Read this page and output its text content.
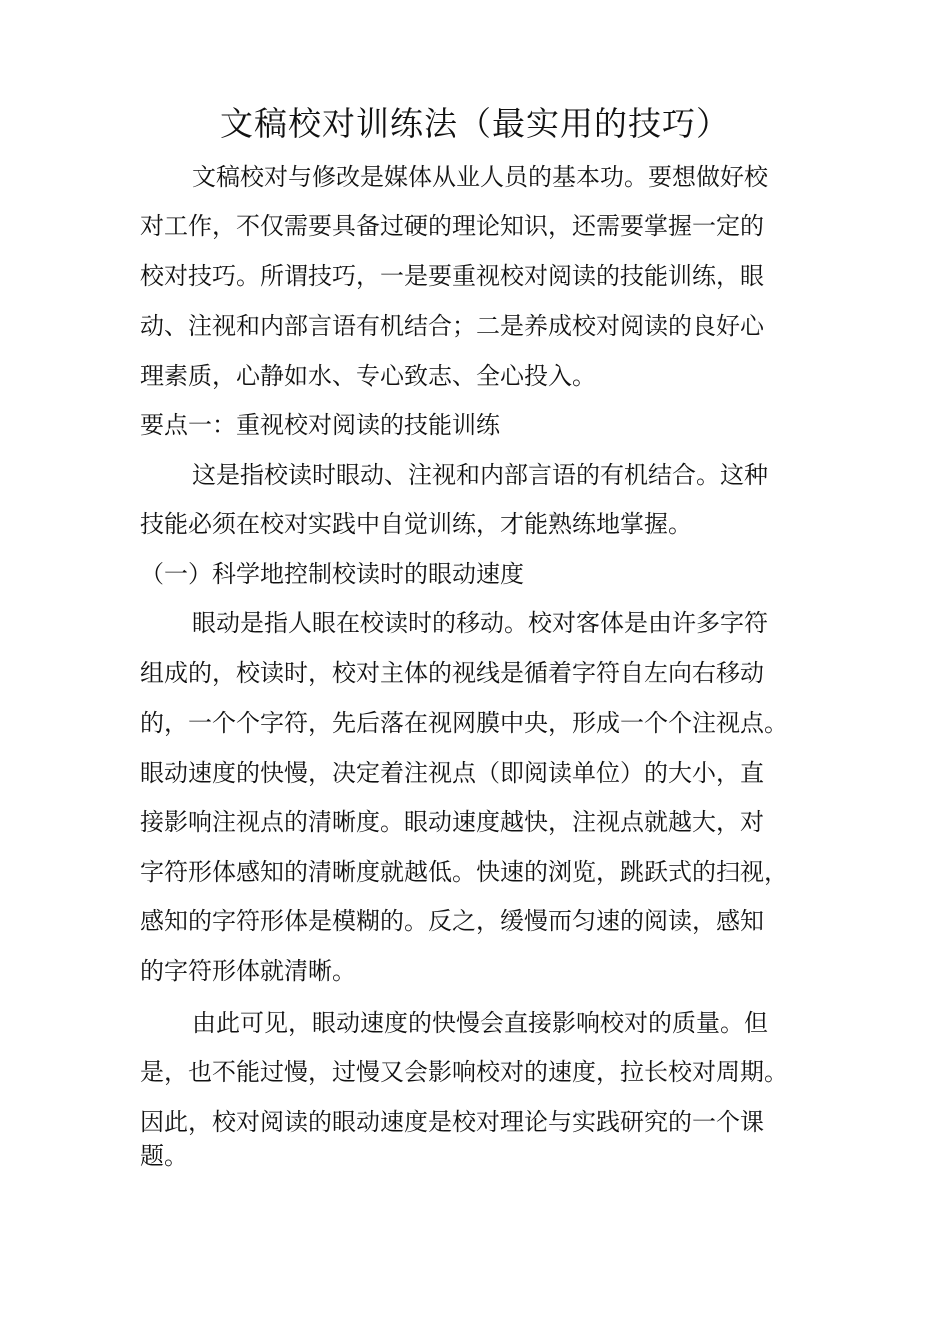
文稿校对训练法（最实用的技巧）
文稿校对与修改是媒体从业人员的基本功。要想做好校
对工作，不仅需要具备过硬的理论知识，还需要掌握一定的
校对技巧。所谓技巧，一是要重视校对阅读的技能训练，眼
动、注视和内部言语有机结合；二是养成校对阅读的良好心
理素质，心静如水、专心致志、全心投入。
要点一：重视校对阅读的技能训练
这是指校读时眼动、注视和内部言语的有机结合。这种
技能必须在校对实践中自觉训练，才能熟练地掌握。
（一）科学地控制校读时的眼动速度
眼动是指人眼在校读时的移动。校对客体是由许多字符
组成的，校读时，校对主体的视线是循着字符自左向右移动
的，一个个字符，先后落在视网膜中央，形成一个个注视点。
眼动速度的快慢，决定着注视点（即阅读单位）的大小，直
接影响注视点的清晰度。眼动速度越快，注视点就越大，对
字符形体感知的清晰度就越低。快速的浏览，跳跃式的扫视，
感知的字符形体是模糊的。反之，缓慢而匀速的阅读，感知
的字符形体就清晰。
由此可见，眼动速度的快慢会直接影响校对的质量。但
是，也不能过慢，过慢又会影响校对的速度，拉长校对周期。
因此，校对阅读的眼动速度是校对理论与实践研究的一个课
题。
